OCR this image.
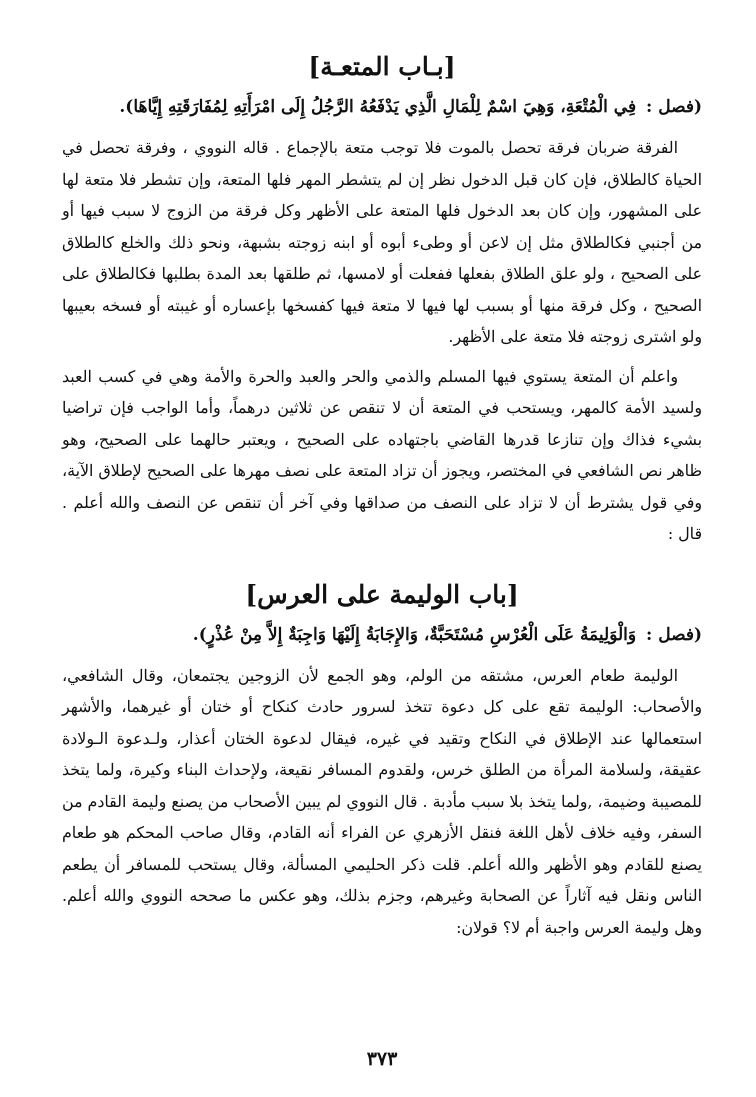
[بـاب المتعـة]
(فصل : فِي الْمُتْعَةِ، وَهِيَ اسْمٌ لِلْمَالِ الَّذِي يَدْفَعُهُ الرَّجُلُ إِلَى امْرَأَتِهِ لِمُفَارَقَتِهِ إِيَّاهَا).

الفرقة ضربان فرقة تحصل بالموت فلا توجب متعة بالإجماع . قاله النووي ، وفرقة تحصل في الحياة كالطلاق، فإن كان قبل الدخول نظر إن لم يتشطر المهر فلها المتعة، وإن تشطر فلا متعة لها على المشهور، وإن كان بعد الدخول فلها المتعة على الأظهر وكل فرقة من الزوج لا سبب فيها أو من أجنبي فكالطلاق مثل إن لاعن أو وطىء أبوه أو ابنه زوجته بشبهة، ونحو ذلك والخلع كالطلاق على الصحيح ، ولو علق الطلاق بفعلها ففعلت أو لامسها، ثم طلقها بعد المدة بطلبها فكالطلاق على الصحيح ، وكل فرقة منها أو بسبب لها فيها لا متعة فيها كفسخها بإعساره أو غيبته أو فسخه بعيبها ولو اشترى زوجته فلا متعة على الأظهر.

واعلم أن المتعة يستوي فيها المسلم والذمي والحر والعبد والحرة والأمة وهي في كسب العبد ولسيد الأمة كالمهر، ويستحب في المتعة أن لا تنقص عن ثلاثين درهماً، وأما الواجب فإن تراضيا بشيء فذاك وإن تنازعا قدرها القاضي باجتهاده على الصحيح ، ويعتبر حالهما على الصحيح، وهو ظاهر نص الشافعي في المختصر، ويجوز أن تزاد المتعة على نصف مهرها على الصحيح لإطلاق الآية، وفي قول يشترط أن لا تزاد على النصف من صداقها وفي آخر أن تنقص عن النصف والله أعلم . قال :

[باب الوليمة على العرس]
(فصل : وَالْوَلِيمَةُ عَلَى الْعُرْسِ مُسْتَحَبَّةٌ، وَالإِجَابَةُ إِلَيْهَا وَاجِبَةٌ إِلاَّ مِنْ عُذْرٍ).

الوليمة طعام العرس، مشتقه من الولم، وهو الجمع لأن الزوجين يجتمعان، وقال الشافعي، والأصحاب: الوليمة تقع على كل دعوة تتخذ لسرور حادث كنكاح أو ختان أو غيرهما، والأشهر استعمالها عند الإطلاق في النكاح وتقيد في غيره، فيقال لدعوة الختان أعذار، ولـدعوة الـولادة عقيقة، ولسلامة المرأة من الطلق خرس، ولقدوم المسافر نقيعة، ولإحداث البناء وكيرة، ولما يتخذ للمصيبة وضيمة، ,ولما يتخذ بلا سبب مأدبة . قال النووي لم يبين الأصحاب من يصنع وليمة القادم من السفر، وفيه خلاف لأهل اللغة فنقل الأزهري عن الفراء أنه القادم، وقال صاحب المحكم هو طعام يصنع للقادم وهو الأظهر والله أعلم. قلت ذكر الحليمي المسألة، وقال يستحب للمسافر أن يطعم الناس ونقل فيه آثاراً عن الصحابة وغيرهم، وجزم بذلك، وهو عكس ما صححه النووي والله أعلم. وهل وليمة العرس واجبة أم لا؟ قولان:

٣٧٣
